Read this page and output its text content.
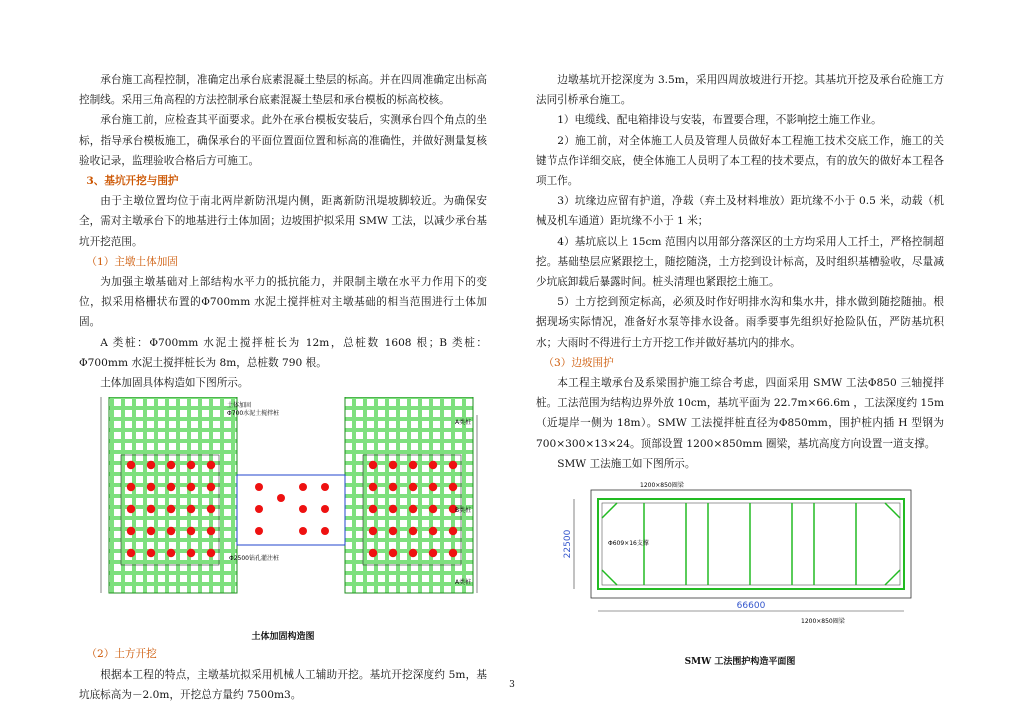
承台施工高程控制，准确定出承台底素混凝土垫层的标高。并在四周准确定出标高控制线。采用三角高程的方法控制承台底素混凝土垫层和承台模板的标高校核。

承台施工前，应检查其平面要求。此外在承台模板安装后，实测承台四个角点的坐标，指导承台模板施工，确保承台的平面位置面位置和标高的准确性，并做好测量复核验收记录，监理验收合格后方可施工。

3、基坑开挖与围护

由于主墩位置均位于南北两岸新防汛堤内侧，距离新防汛堤坡脚较近。为确保安全，需对主墩承台下的地基进行土体加固；边坡围护拟采用 SMW 工法，以减少承台基坑开挖范围。

（1）主墩土体加固

为加强主墩基础对上部结构水平力的抵抗能力，并限制主墩在水平力作用下的变位，拟采用格栅状布置的Φ700mm 水泥土搅拌桩对主墩基础的相当范围进行土体加固。

A 类桩：Φ700mm 水泥土搅拌桩长为 12m，总桩数 1608 根；B 类桩：Φ700mm 水泥土搅拌桩长为 8m，总桩数 790 根。

土体加固具体构造如下图所示。

土体加固
Φ700水泥土搅拌桩
A类桩
B类桩
A类桩
Φ2500钻孔灌注桩
土体加固构造图

（2）土方开挖

根据本工程的特点，主墩基坑拟采用机械人工辅助开挖。基坑开挖深度约 5m，基坑底标高为－2.0m，开挖总方量约 7500m3。

边墩基坑开挖深度为 3.5m，采用四周放坡进行开挖。其基坑开挖及承台砼施工方法同引桥承台施工。

1）电缆线、配电箱排设与安装，布置要合理，不影响挖土施工作业。

2）施工前，对全体施工人员及管理人员做好本工程施工技术交底工作，施工的关键节点作详细交底，使全体施工人员明了本工程的技术要点，有的放矢的做好本工程各项工作。

3）坑缘边应留有护道，净载（弃土及材料堆放）距坑缘不小于 0.5 米，动载（机械及机车通道）距坑缘不小于 1 米；

4）基坑底以上 15cm 范围内以用部分落深区的土方均采用人工扦土，严格控制超挖。基础垫层应紧跟挖土，随挖随浇，土方挖到设计标高，及时组织基槽验收，尽量减少坑底卸载后暴露时间。桩头清理也紧跟挖土施工。

5）土方挖到预定标高，必须及时作好明排水沟和集水井，排水做到随挖随抽。根据现场实际情况，准备好水泵等排水设备。雨季要事先组织好抢险队伍，严防基坑积水；大雨时不得进行土方开挖工作并做好基坑内的排水。

（3）边坡围护

本工程主墩承台及系梁围护施工综合考虑，四面采用 SMW 工法Φ850 三轴搅拌桩。工法范围为结构边界外放 10cm，基坑平面为 22.7m×66.6m ，工法深度约 15m（近堤岸一侧为 18m）。SMW 工法搅拌桩直径为Φ850mm，围护桩内插 H 型钢为 700×300×13×24。顶部设置 1200×850mm 圈梁，基坑高度方向设置一道支撑。

SMW 工法施工如下图所示。

22500
66600
1200×850圈梁
Φ609×16支撑
1200×850圈梁
SMW 工法围护构造平面图
3
